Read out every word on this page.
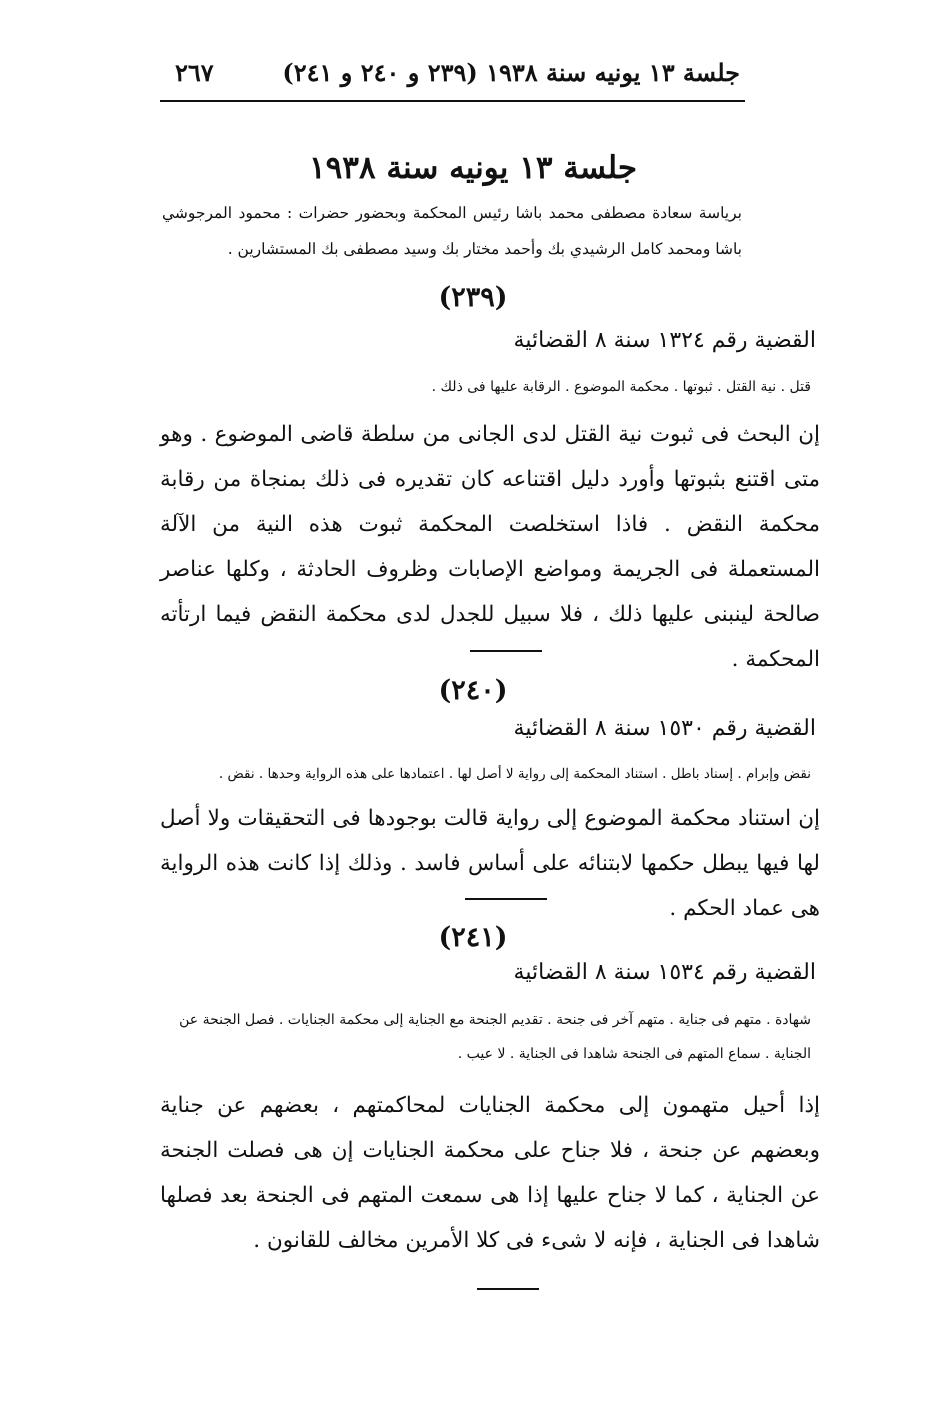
جلسة ١٣ يونيه سنة ١٩٣٨ (٢٣٩ و ٢٤٠ و ٢٤١)
٢٦٧
جلسة ١٣ يونيه سنة ١٩٣٨
برياسة سعادة مصطفى محمد باشا رئيس المحكمة وبحضور حضرات : محمود المرجوشي باشا ومحمد كامل الرشيدي بك وأحمد مختار بك وسيد مصطفى بك المستشارين .
(٢٣٩)
القضية رقم ١٣٢٤ سنة ٨ القضائية
قتل . نية القتل . ثبوتها . محكمة الموضوع . الرقابة عليها فى ذلك .
إن البحث فى ثبوت نية القتل لدى الجانى من سلطة قاضى الموضوع . وهو متى اقتنع بثبوتها وأورد دليل اقتناعه كان تقديره فى ذلك بمنجاة من رقابة محكمة النقض . فاذا استخلصت المحكمة ثبوت هذه النية من الآلة المستعملة فى الجريمة ومواضع الإصابات وظروف الحادثة ، وكلها عناصر صالحة لينبنى عليها ذلك ، فلا سبيل للجدل لدى محكمة النقض فيما ارتأته المحكمة .
(٢٤٠)
القضية رقم ١٥٣٠ سنة ٨ القضائية
نقض وإبرام . إسناد باطل . استناد المحكمة إلى رواية لا أصل لها . اعتمادها على هذه الرواية وحدها . نقض .
إن استناد محكمة الموضوع إلى رواية قالت بوجودها فى التحقيقات ولا أصل لها فيها يبطل حكمها لابتنائه على أساس فاسد . وذلك إذا كانت هذه الرواية هى عماد الحكم .
(٢٤١)
القضية رقم ١٥٣٤ سنة ٨ القضائية
شهادة . متهم فى جناية . متهم آخر فى جنحة . تقديم الجنحة مع الجناية إلى محكمة الجنايات . فصل الجنحة عن الجناية . سماع المتهم فى الجنحة شاهدا فى الجناية . لا عيب .
إذا أحيل متهمون إلى محكمة الجنايات لمحاكمتهم ، بعضهم عن جناية وبعضهم عن جنحة ، فلا جناح على محكمة الجنايات إن هى فصلت الجنحة عن الجناية ، كما لا جناح عليها إذا هى سمعت المتهم فى الجنحة بعد فصلها شاهدا فى الجناية ، فإنه لا شىء فى كلا الأمرين مخالف للقانون .
